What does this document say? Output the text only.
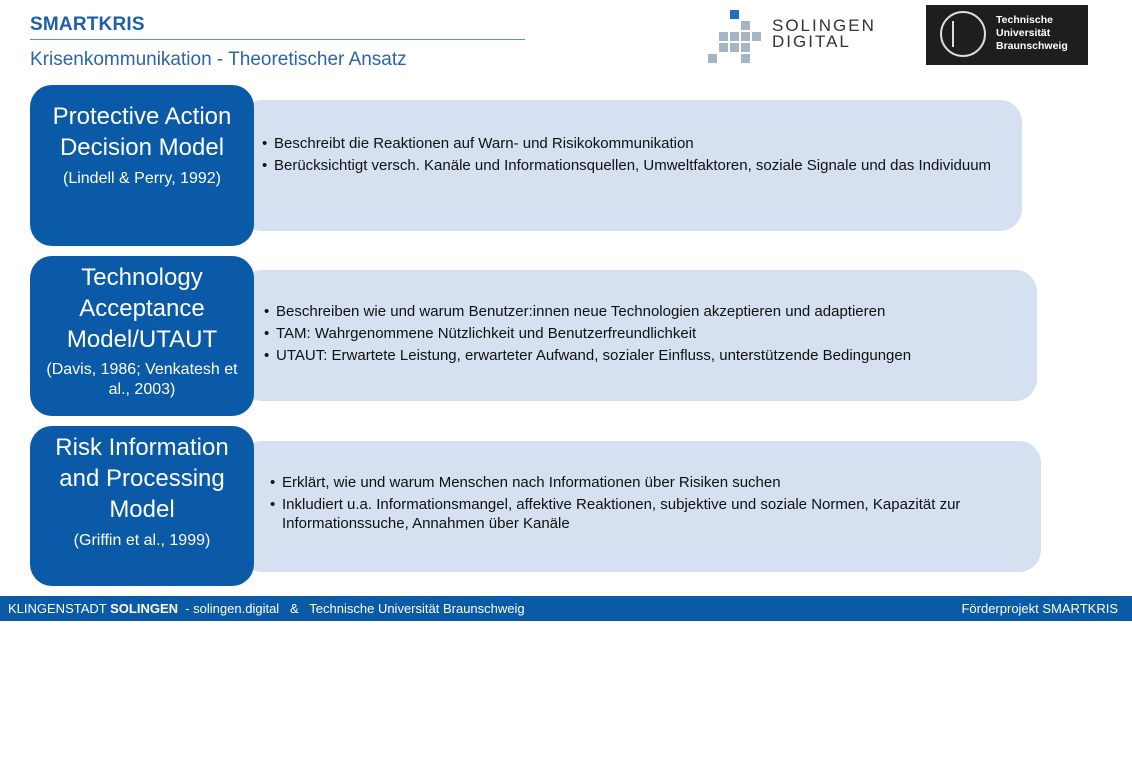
SMARTKRIS
Krisenkommunikation - Theoretischer Ansatz
SOLINGEN
DIGITAL
Technische
Universität
Braunschweig
Protective Action Decision Model
(Lindell & Perry, 1992)
• Beschreibt die Reaktionen auf Warn- und Risikokommunikation
• Berücksichtigt versch. Kanäle und Informationsquellen, Umweltfaktoren, soziale Signale und das Individuum
Technology Acceptance Model/UTAUT
(Davis, 1986; Venkatesh et al., 2003)
• Beschreiben wie und warum Benutzer:innen neue Technologien akzeptieren und adaptieren
• TAM: Wahrgenommene Nützlichkeit und Benutzerfreundlichkeit
• UTAUT: Erwartete Leistung, erwarteter Aufwand, sozialer Einfluss, unterstützende Bedingungen
Risk Information and Processing Model
(Griffin et al., 1999)
• Erklärt, wie und warum Menschen nach Informationen über Risiken suchen
• Inkludiert u.a. Informationsmangel, affektive Reaktionen, subjektive und soziale Normen, Kapazität zur Informationssuche, Annahmen über Kanäle
KLINGENSTADT SOLINGEN  - solingen.digital   &   Technische Universität Braunschweig	Förderprojekt SMARTKRIS
